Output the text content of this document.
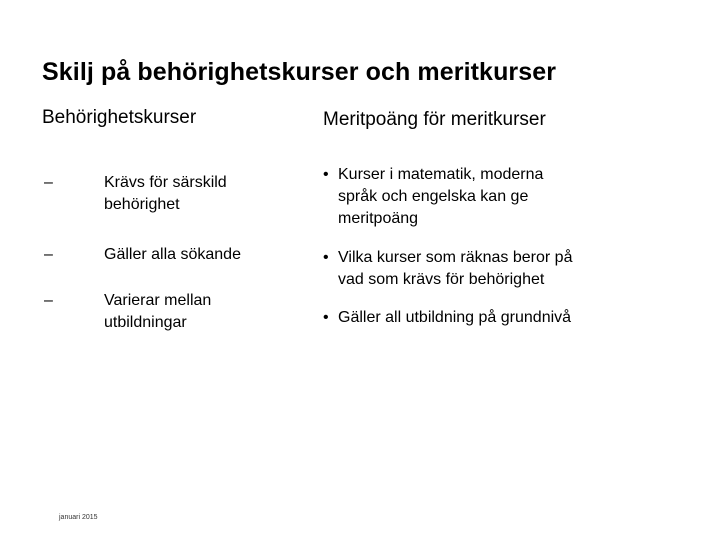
Skilj på behörighetskurser och meritkurser
Behörighetskurser	Meritpoäng för meritkurser
–	Krävs för särskild behörighet
–	Gäller alla sökande
–	Varierar mellan utbildningar
• Kurser i matematik, moderna språk och engelska kan ge meritpoäng
• Vilka kurser som räknas beror på vad som krävs för behörighet
• Gäller all utbildning på grundnivå
januari 2015
